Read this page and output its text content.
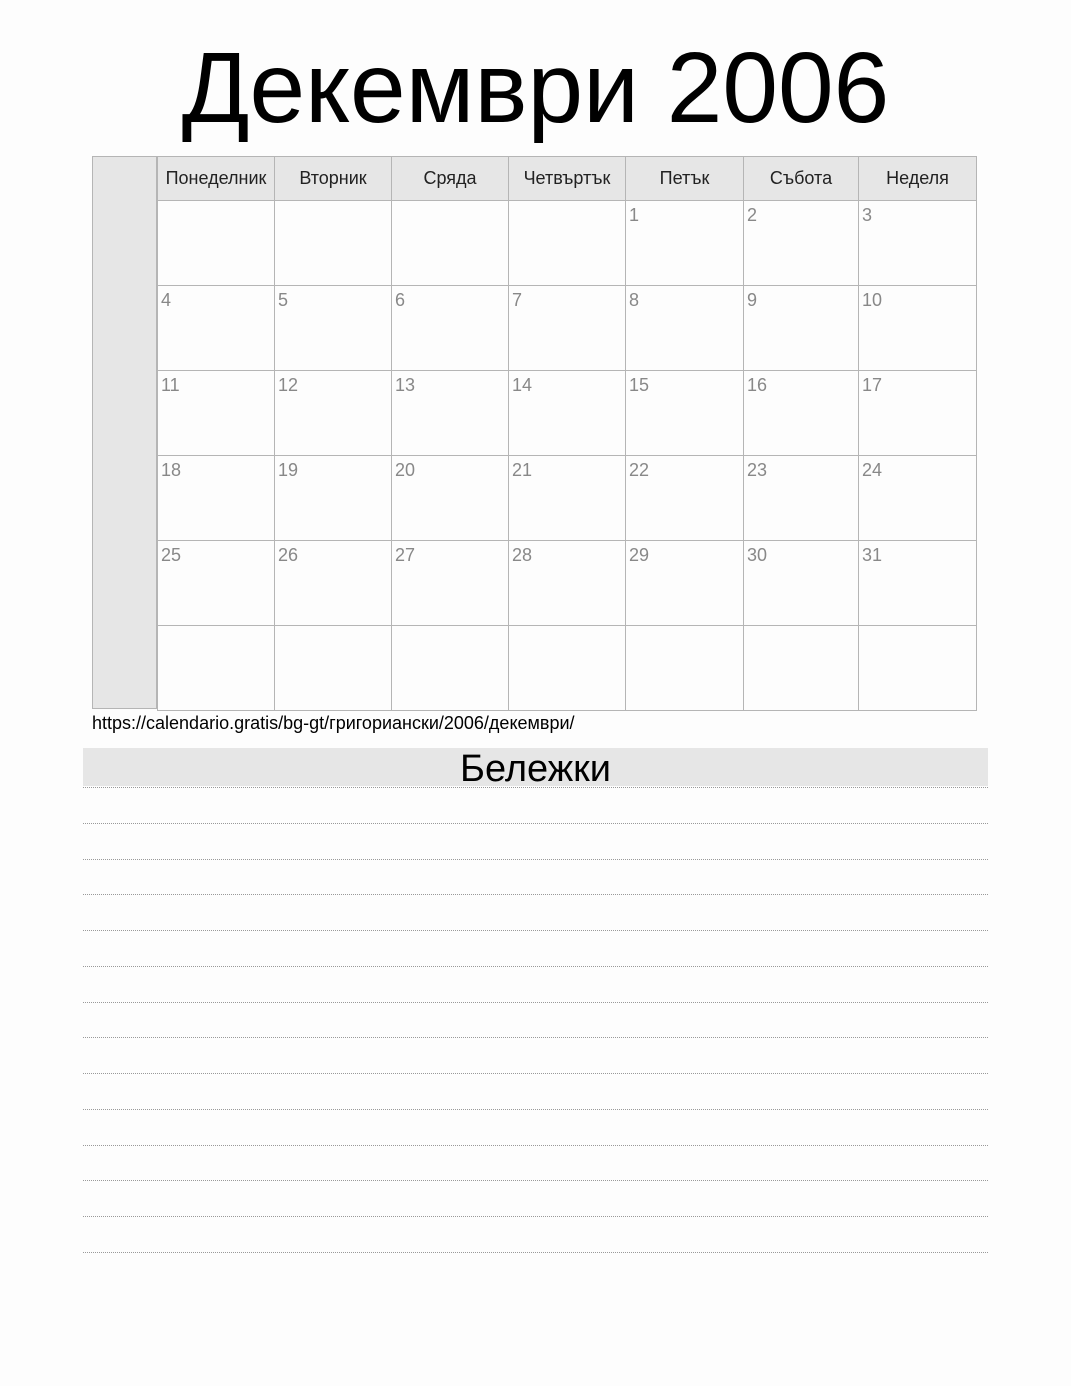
Декември 2006
Понеделник	Вторник	Сряда	Четвъртък	Петък	Събота	Неделя

				1	2	3

4	5	6	7	8	9	10

11	12	13	14	15	16	17

18	19	20	21	22	23	24

25	26	27	28	29	30	31

https://calendario.gratis/bg-gt/григориански/2006/декември/
Бележки
